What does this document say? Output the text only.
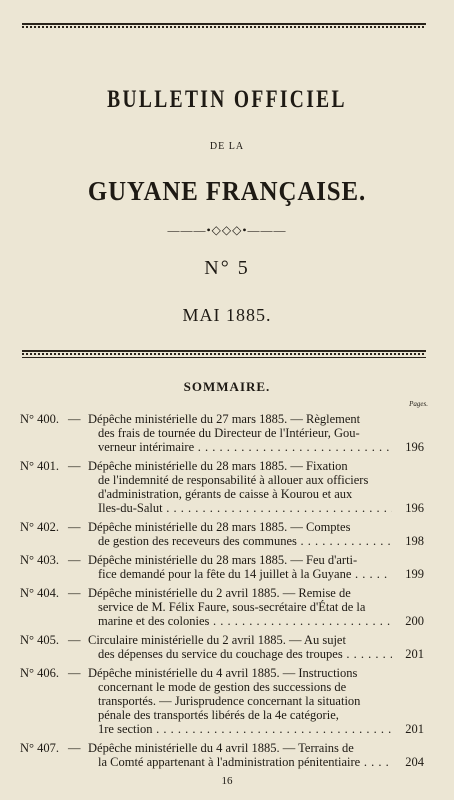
BULLETIN OFFICIEL
DE LA
GUYANE FRANÇAISE.
———•◇◇◇•———
N° 5
MAI 1885.
SOMMAIRE.
Pages.
N° 400. — Dépêche ministérielle du 27 mars 1885. — Règlement
des frais de tournée du Directeur de l'Intérieur, Gou-
verneur intérimaire . . .	196
N° 401. — Dépêche ministérielle du 28 mars 1885. — Fixation
de l'indemnité de responsabilité à allouer aux officiers
d'administration, gérants de caisse à Kourou et aux
Iles-du-Salut . . .	196
N° 402. — Dépêche ministérielle du 28 mars 1885. — Comptes
de gestion des receveurs des communes . . .	198
N° 403. — Dépêche ministérielle du 28 mars 1885. — Feu d'arti-
fice demandé pour la fête du 14 juillet à la Guyane . . .	199
N° 404. — Dépêche ministérielle du 2 avril 1885. — Remise de
service de M. Félix Faure, sous-secrétaire d'État de la
marine et des colonies . . .	200
N° 405. — Circulaire ministérielle du 2 avril 1885. — Au sujet
des dépenses du service du couchage des troupes . . .	201
N° 406. — Dépêche ministérielle du 4 avril 1885. — Instructions
concernant le mode de gestion des successions de
transportés. — Jurisprudence concernant la situation
pénale des transportés libérés de la 4e catégorie,
1re section . . .	201
N° 407. — Dépêche ministérielle du 4 avril 1885. — Terrains de
la Comté appartenant à l'administration pénitentiaire . . .	204
16
